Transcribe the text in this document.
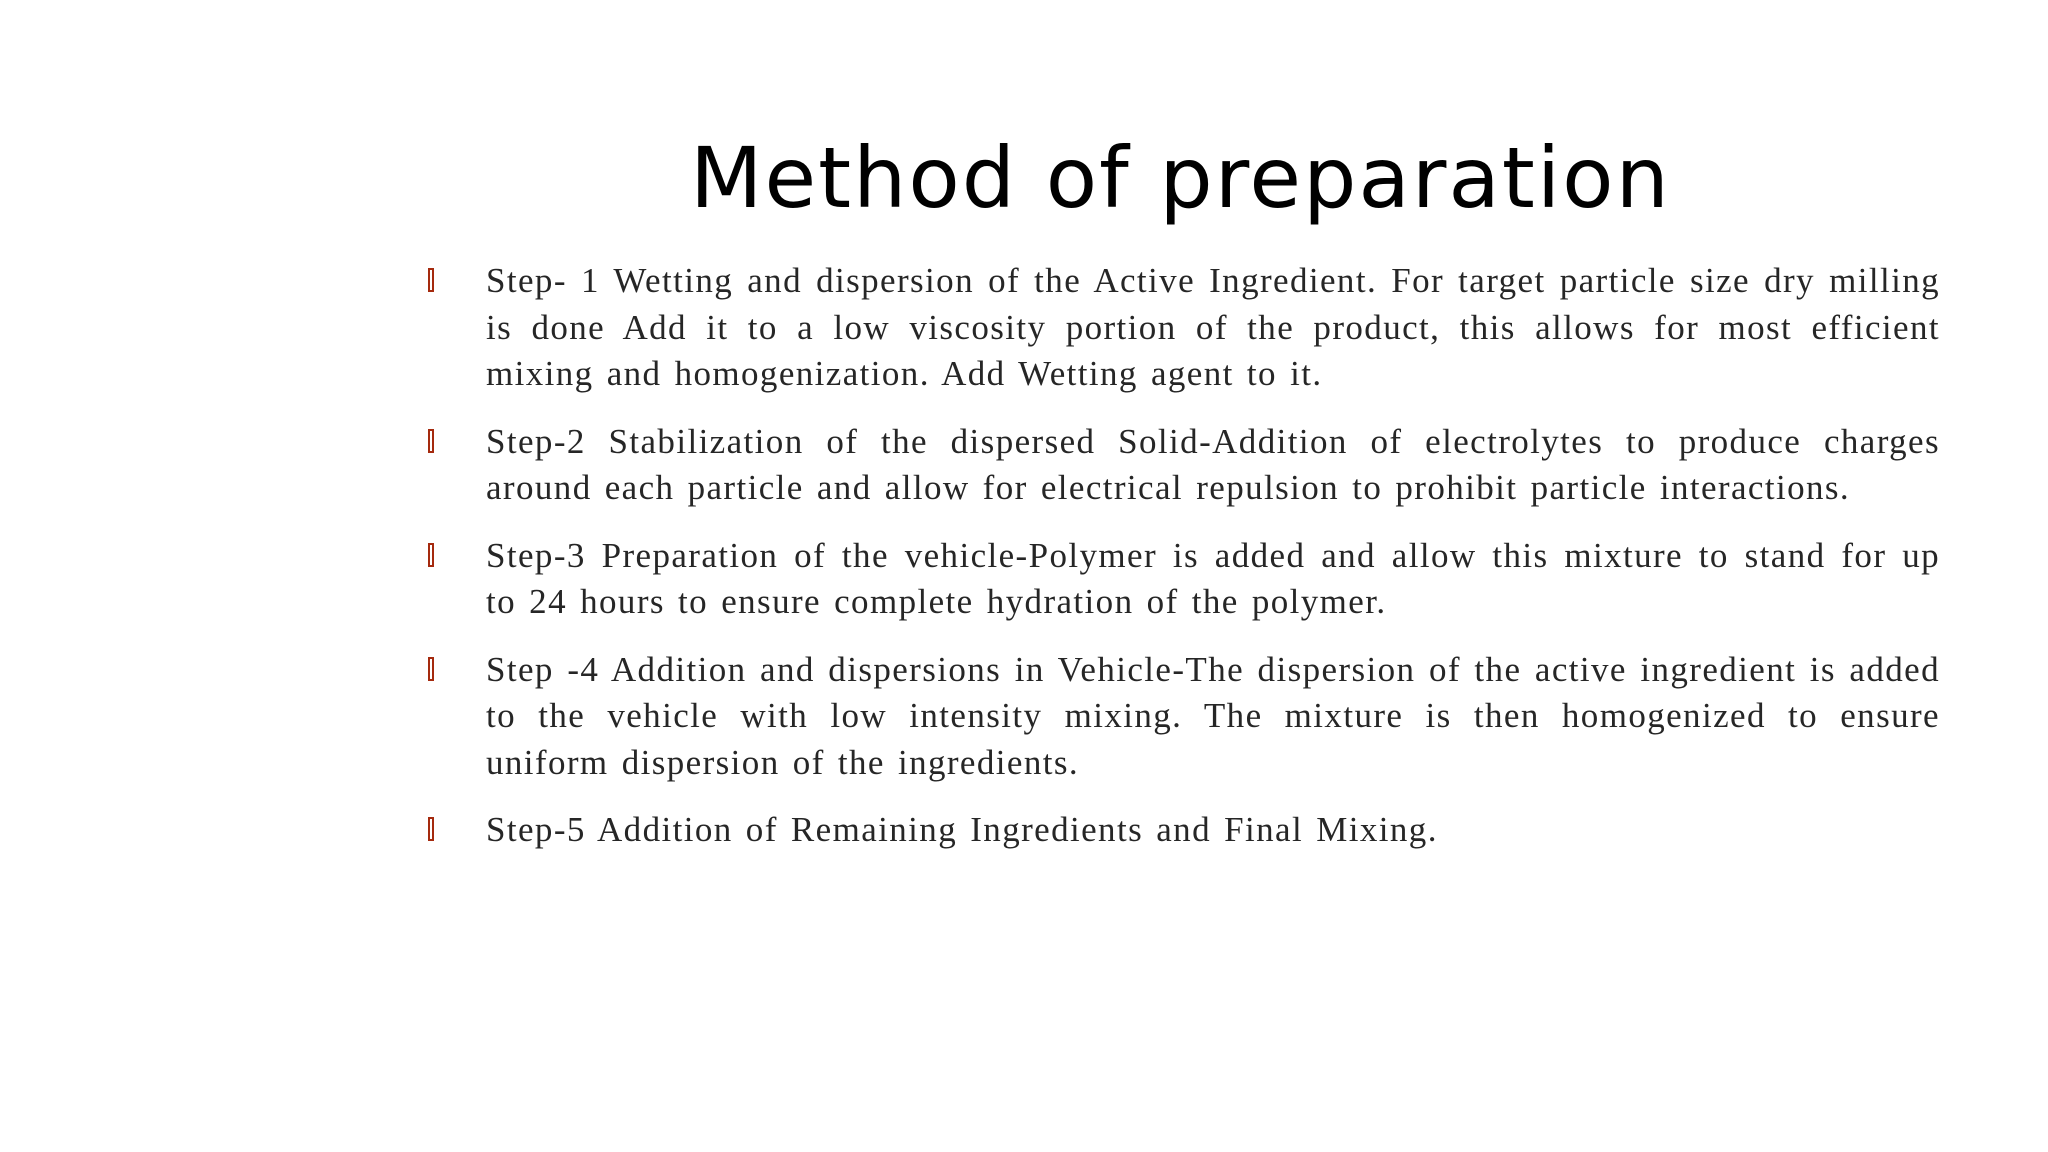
Method of preparation
Step- 1 Wetting and dispersion of the Active Ingredient. For target particle size dry milling is done Add it to a low viscosity portion of the product, this allows for most efficient mixing and homogenization. Add Wetting agent to it.
Step-2 Stabilization of the dispersed Solid-Addition of electrolytes to produce charges around each particle and allow for electrical repulsion to prohibit particle interactions.
Step-3 Preparation of the vehicle-Polymer is added and allow this mixture to stand for up to 24 hours to ensure complete hydration of the polymer.
Step -4 Addition and dispersions in Vehicle-The dispersion of the active ingredient is added to the vehicle with low intensity mixing. The mixture is then homogenized to ensure uniform dispersion of the ingredients.
Step-5 Addition of Remaining Ingredients and Final Mixing.
